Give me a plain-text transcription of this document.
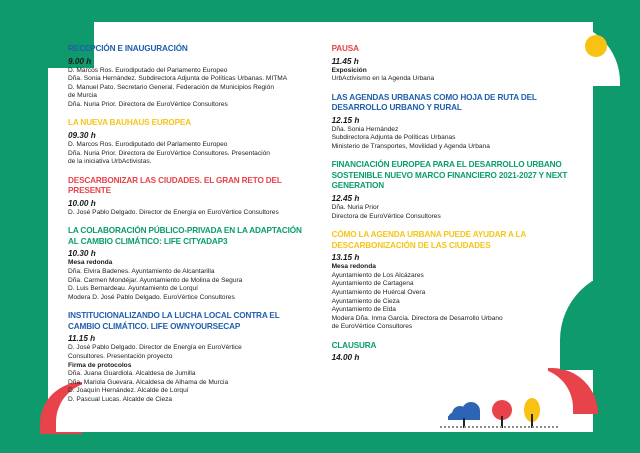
RECEPCIÓN E INAUGURACIÓN
9.00 h
D. Marcos Ros. Eurodiputado del Parlamento Europeo
Dña. Sonia Hernández. Subdirectora Adjunta de Políticas Urbanas. MITMA
D. Manuel Pato. Secretario General. Federación de Municipios Región
de Murcia
Dña. Nuria Prior. Directora de EuroVértice Consultores
LA NUEVA BAUHAUS EUROPEA
09.30 h
D. Marcos Ros. Eurodiputado del Parlamento Europeo
Dña. Nuria Prior. Directora de EuroVértice Consultores. Presentación
de la iniciativa UrbActivistas.
DESCARBONIZAR LAS CIUDADES. EL GRAN RETO DEL PRESENTE
10.00 h
D. José Pablo Delgado. Director de Energía en EuroVértice Consultores
LA COLABORACIÓN PÚBLICO-PRIVADA EN LA ADAPTACIÓN AL CAMBIO CLIMÁTICO: LIFE CITYADAP3
10.30 h
Mesa redonda
Dña. Elvira Badenes. Ayuntamiento de Alcantarilla
Dña. Carmen Mondéjar. Ayuntamiento de Molina de Segura
D. Luis Bernardeau. Ayuntamiento de Lorquí
Modera D. José Pablo Delgado. EuroVértice Consultores
INSTITUCIONALIZANDO LA LUCHA LOCAL CONTRA EL CAMBIO CLIMÁTICO. LIFE OWNYOURSECAP
11.15 h
D. José Pablo Delgado. Director de Energía en EuroVértice
Consultores. Presentación proyecto
Firma de protocolos
Dña. Juana Guardiola. Alcaldesa de Jumilla
Dña. Mariola Guevara. Alcaldesa de Alhama de Murcia
D. Joaquín Hernández. Alcalde de Lorquí
D. Pascual Lucas. Alcalde de Cieza
PAUSA
11.45 h
Exposición
UrbActivismo en la Agenda Urbana
LAS AGENDAS URBANAS COMO HOJA DE RUTA DEL DESARROLLO URBANO Y RURAL
12.15 h
Dña. Sonia Hernández
Subdirectora Adjunta de Políticas Urbanas
Ministerio de Transportes, Movilidad y Agenda Urbana
FINANCIACIÓN EUROPEA PARA EL DESARROLLO URBANO SOSTENIBLE NUEVO MARCO FINANCIERO 2021-2027 Y NEXT GENERATION
12.45 h
Dña. Nuria Prior
Directora de EuroVértice Consultores
CÓMO LA AGENDA URBANA PUEDE AYUDAR A LA DESCARBONIZACIÓN DE LAS CIUDADES
13.15 h
Mesa redonda
Ayuntamiento de Los Alcázares
Ayuntamiento de Cartagena
Ayuntamiento de Huércal Overa
Ayuntamiento de Cieza
Ayuntamiento de Elda
Modera Dña. Inma García. Directora de Desarrollo Urbano
de EuroVértice Consultores
CLAUSURA
14.00 h
